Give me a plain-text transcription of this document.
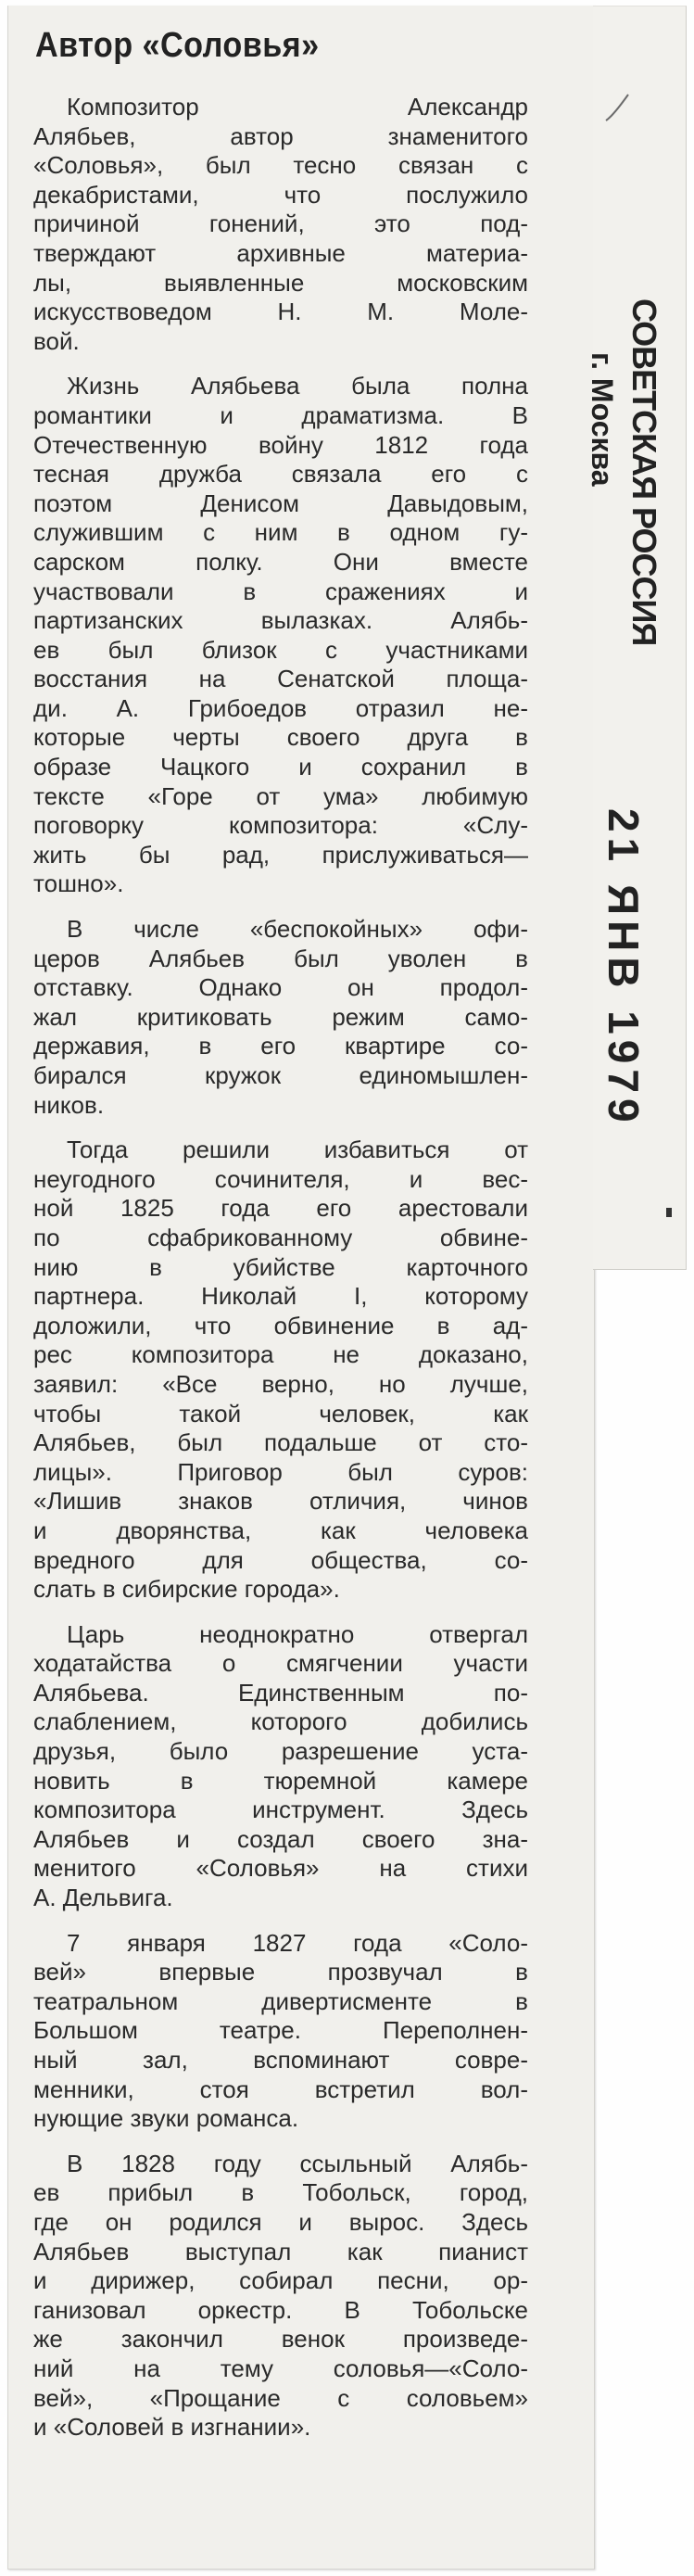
Автор «Соловья»

Композитор Александр
Алябьев, автор знаменитого
«Соловья», был тесно связан с
декабристами, что послужило
причиной гонений, это под-
тверждают архивные материа-
лы, выявленные московским
искусствоведом Н. М. Моле-
вой.

Жизнь Алябьева была полна
романтики и драматизма. В
Отечественную войну 1812 года
тесная дружба связала его с
поэтом Денисом Давыдовым,
служившим с ним в одном гу-
сарском полку. Они вместе
участвовали в сражениях и
партизанских вылазках. Алябь-
ев был близок с участниками
восстания на Сенатской площа-
ди. А. Грибоедов отразил не-
которые черты своего друга в
образе Чацкого и сохранил в
тексте «Горе от ума» любимую
поговорку композитора: «Слу-
жить бы рад, прислуживаться—
тошно».

В числе «беспокойных» офи-
церов Алябьев был уволен в
отставку. Однако он продол-
жал критиковать режим само-
державия, в его квартире со-
бирался кружок единомышлен-
ников.

Тогда решили избавиться от
неугодного сочинителя, и вес-
ной 1825 года его арестовали
по сфабрикованному обвине-
нию в убийстве карточного
партнера. Николай I, которому
доложили, что обвинение в ад-
рес композитора не доказано,
заявил: «Все верно, но лучше,
чтобы такой человек, как
Алябьев, был подальше от сто-
лицы». Приговор был суров:
«Лишив знаков отличия, чинов
и дворянства, как человека
вредного для общества, со-
слать в сибирские города».

Царь неоднократно отвергал
ходатайства о смягчении участи
Алябьева. Единственным по-
слаблением, которого добились
друзья, было разрешение уста-
новить в тюремной камере
композитора инструмент. Здесь
Алябьев и создал своего зна-
менитого «Соловья» на стихи
А. Дельвига.

7 января 1827 года «Соло-
вей» впервые прозвучал в
театральном дивертисменте в
Большом театре. Переполнен-
ный зал, вспоминают совре-
менники, стоя встретил вол-
нующие звуки романса.

В 1828 году ссыльный Алябь-
ев прибыл в Тобольск, город,
где он родился и вырос. Здесь
Алябьев выступал как пианист
и дирижер, собирал песни, ор-
ганизовал оркестр. В Тобольске
же закончил венок произведе-
ний на тему соловья—«Соло-
вей», «Прощание с соловьем»
и «Соловей в изгнании».

СОВЕТСКАЯ РОССИЯ
г. Москва
21 ЯНВ 1979
